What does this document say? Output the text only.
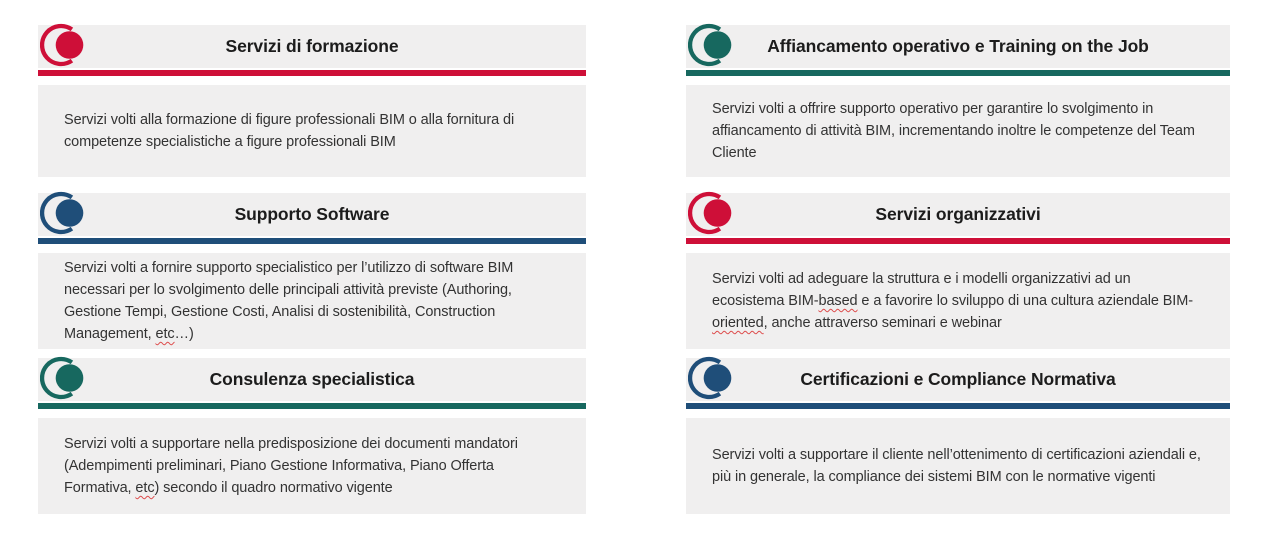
Servizi di formazione

Servizi volti alla formazione di figure professionali BIM o alla fornitura di competenze specialistiche a figure professionali BIM

Supporto Software

Servizi volti a fornire supporto specialistico per l’utilizzo di software BIM necessari per lo svolgimento delle principali attività previste (Authoring, Gestione Tempi, Gestione Costi, Analisi di sostenibilità, Construction Management, etc…)

Consulenza specialistica

Servizi volti a supportare nella predisposizione dei documenti mandatori (Adempimenti preliminari, Piano Gestione Informativa, Piano Offerta Formativa, etc) secondo il quadro normativo vigente

Affiancamento operativo e Training on the Job

Servizi volti a offrire supporto operativo per garantire lo svolgimento in affiancamento di attività BIM, incrementando inoltre le competenze del Team Cliente

Servizi organizzativi

Servizi volti ad adeguare la struttura e i modelli organizzativi ad un ecosistema BIM-based e a favorire lo sviluppo di una cultura aziendale BIM-oriented, anche attraverso seminari e webinar

Certificazioni e Compliance Normativa

Servizi volti a supportare il cliente nell’ottenimento di certificazioni aziendali e, più in generale, la compliance dei sistemi BIM con le normative vigenti
